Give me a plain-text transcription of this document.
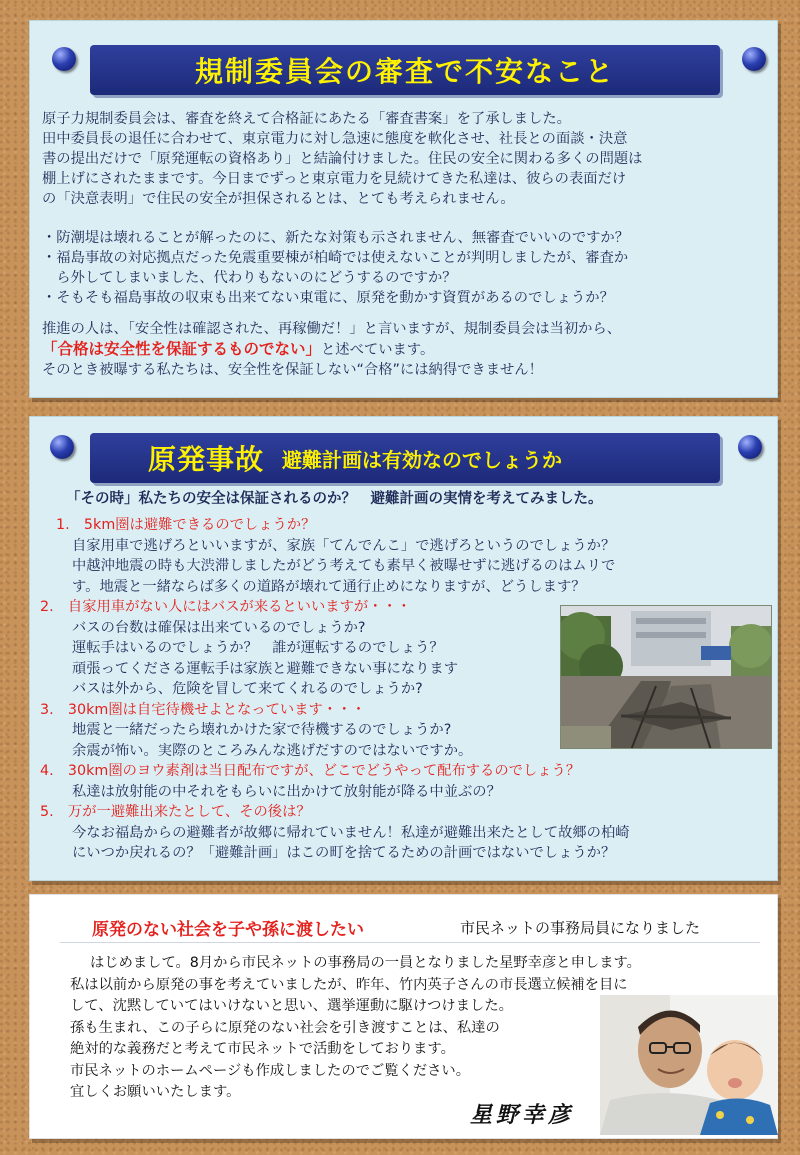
規制委員会の審査で不安なこと
原子力規制委員会は、審査を終えて合格証にあたる「審査書案」を了承しました。
田中委員長の退任に合わせて、東京電力に対し急速に態度を軟化させ、社長との面談・決意
書の提出だけで「原発運転の資格あり」と結論付けました。住民の安全に関わる多くの問題は
棚上げにされたままです。今日までずっと東京電力を見続けてきた私達は、彼らの表面だけ
の「決意表明」で住民の安全が担保されるとは、とても考えられません。
・防潮堤は壊れることが解ったのに、新たな対策も示されません、無審査でいいのですか？
・福島事故の対応拠点だった免震重要棟が柏崎では使えないことが判明しましたが、審査か
　ら外してしまいました、代わりもないのにどうするのですか？
・そもそも福島事故の収束も出来てない東電に、原発を動かす資質があるのでしょうか？
推進の人は、「安全性は確認された、再稼働だ！」と言いますが、規制委員会は当初から、
「合格は安全性を保証するものでない」と述べています。
そのとき被曝する私たちは、安全性を保証しない“合格”には納得できません！
原発事故 避難計画は有効なのでしょうか
「その時」私たちの安全は保証されるのか？　避難計画の実情を考えてみました。
1.　5km圏は避難できるのでしょうか？
自家用車で逃げろといいますが、家族「てんでんこ」で逃げろというのでしょうか？
中越沖地震の時も大渋滞しましたがどう考えても素早く被曝せずに逃げるのはムリで
す。地震と一緒ならば多くの道路が壊れて通行止めになりますが、どうします？
2.　自家用車がない人にはバスが来るといいますが・・・
バスの台数は確保は出来ているのでしょうか?
運転手はいるのでしょうか？　誰が運転するのでしょう？
頑張ってくださる運転手は家族と避難できない事になります
バスは外から、危険を冒して来てくれるのでしょうか?
3.　30km圏は自宅待機せよとなっています・・・
地震と一緒だったら壊れかけた家で待機するのでしょうか?
余震が怖い。実際のところみんな逃げだすのではないですか。
4.　30km圏のヨウ素剤は当日配布ですが、どこでどうやって配布するのでしょう？
私達は放射能の中それをもらいに出かけて放射能が降る中並ぶの？
5.　万が一避難出来たとして、その後は？
今なお福島からの避難者が故郷に帰れていません！私達が避難出来たとして故郷の柏崎
にいつか戻れるの？「避難計画」はこの町を捨てるための計画ではないでしょうか？
原発のない社会を子や孫に渡したい	市民ネットの事務局員になりました
はじめまして。8月から市民ネットの事務局の一員となりました星野幸彦と申します。
私は以前から原発の事を考えていましたが、昨年、竹内英子さんの市長選立候補を目に
して、沈黙していてはいけないと思い、選挙運動に駆けつけました。
孫も生まれ、この子らに原発のない社会を引き渡すことは、私達の
絶対的な義務だと考えて市民ネットで活動をしております。
市民ネットのホームページも作成しましたのでご覧ください。
宜しくお願いいたします。
星野幸彦
